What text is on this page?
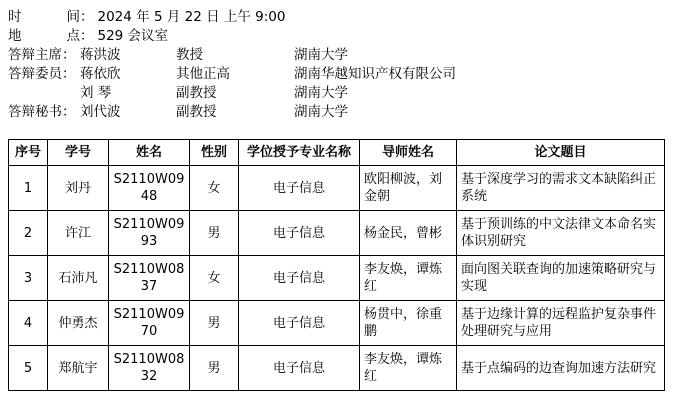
时	间 ： 2024 年 5 月 22 日 上午 9:00
地	点 ： 529 会议室
答辩主席： 蒋洪波	教授	湖南大学
答辩委员： 蒋依欣	其他正高	湖南华越知识产权有限公司
刘 琴	副教授	湖南大学
答辩秘书： 刘代波	副教授	湖南大学
序号	学号	姓名	性别	学位授予专业名称	导师姓名	论文题目
1	刘丹	S2110W0948	女	电子信息	欧阳柳波，刘金朝	基于深度学习的需求文本缺陷纠正系统
2	许江	S2110W0993	男	电子信息	杨金民，曾彬	基于预训练的中文法律文本命名实体识别研究
3	石沛凡	S2110W0837	女	电子信息	李友焕，谭炼红	面向图关联查询的加速策略研究与实现
4	仲勇杰	S2110W0970	男	电子信息	杨贯中，徐重鹏	基于边缘计算的远程监护复杂事件处理研究与应用
5	郑航宇	S2110W0832	男	电子信息	李友焕，谭炼红	基于点编码的边查询加速方法研究
